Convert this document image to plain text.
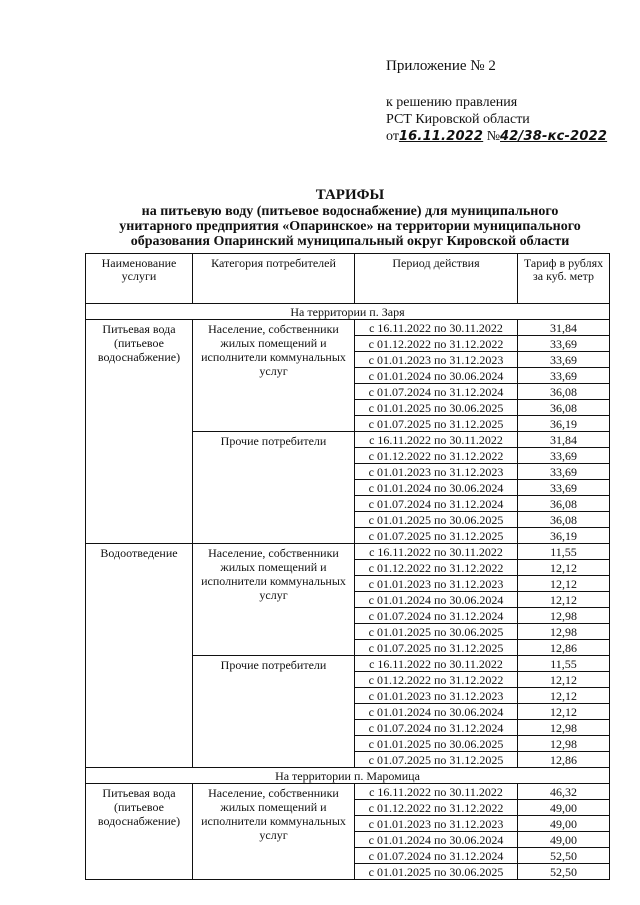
Приложение № 2
к решению правления
РСТ Кировской области
от16.11.2022 №42/38-кс-2022
ТАРИФЫ
на питьевую воду (питьевое водоснабжение) для муниципального
унитарного предприятия «Опаринское» на территории муниципального
образования Опаринский муниципальный округ Кировской области
Наименование услуги	Категория потребителей	Период действия	Тариф в рублях за куб. метр
На территории п. Заря			
Питьевая вода (питьевое водоснабжение)	Население, собственники жилых помещений и исполнители коммунальных услуг	с 16.11.2022 по 30.11.2022	31,84
		с 01.12.2022 по 31.12.2022	33,69
		с 01.01.2023 по 31.12.2023	33,69
		с 01.01.2024 по 30.06.2024	33,69
		с 01.07.2024 по 31.12.2024	36,08
		с 01.01.2025 по 30.06.2025	36,08
		с 01.07.2025 по 31.12.2025	36,19
	Прочие потребители	с 16.11.2022 по 30.11.2022	31,84
		с 01.12.2022 по 31.12.2022	33,69
		с 01.01.2023 по 31.12.2023	33,69
		с 01.01.2024 по 30.06.2024	33,69
		с 01.07.2024 по 31.12.2024	36,08
		с 01.01.2025 по 30.06.2025	36,08
		с 01.07.2025 по 31.12.2025	36,19
Водоотведение	Население, собственники жилых помещений и исполнители коммунальных услуг	с 16.11.2022 по 30.11.2022	11,55
		с 01.12.2022 по 31.12.2022	12,12
		с 01.01.2023 по 31.12.2023	12,12
		с 01.01.2024 по 30.06.2024	12,12
		с 01.07.2024 по 31.12.2024	12,98
		с 01.01.2025 по 30.06.2025	12,98
		с 01.07.2025 по 31.12.2025	12,86
	Прочие потребители	с 16.11.2022 по 30.11.2022	11,55
		с 01.12.2022 по 31.12.2022	12,12
		с 01.01.2023 по 31.12.2023	12,12
		с 01.01.2024 по 30.06.2024	12,12
		с 01.07.2024 по 31.12.2024	12,98
		с 01.01.2025 по 30.06.2025	12,98
		с 01.07.2025 по 31.12.2025	12,86
На территории п. Маромица			
Питьевая вода (питьевое водоснабжение)	Население, собственники жилых помещений и исполнители коммунальных услуг	с 16.11.2022 по 30.11.2022	46,32
		с 01.12.2022 по 31.12.2022	49,00
		с 01.01.2023 по 31.12.2023	49,00
		с 01.01.2024 по 30.06.2024	49,00
		с 01.07.2024 по 31.12.2024	52,50
		с 01.01.2025 по 30.06.2025	52,50
